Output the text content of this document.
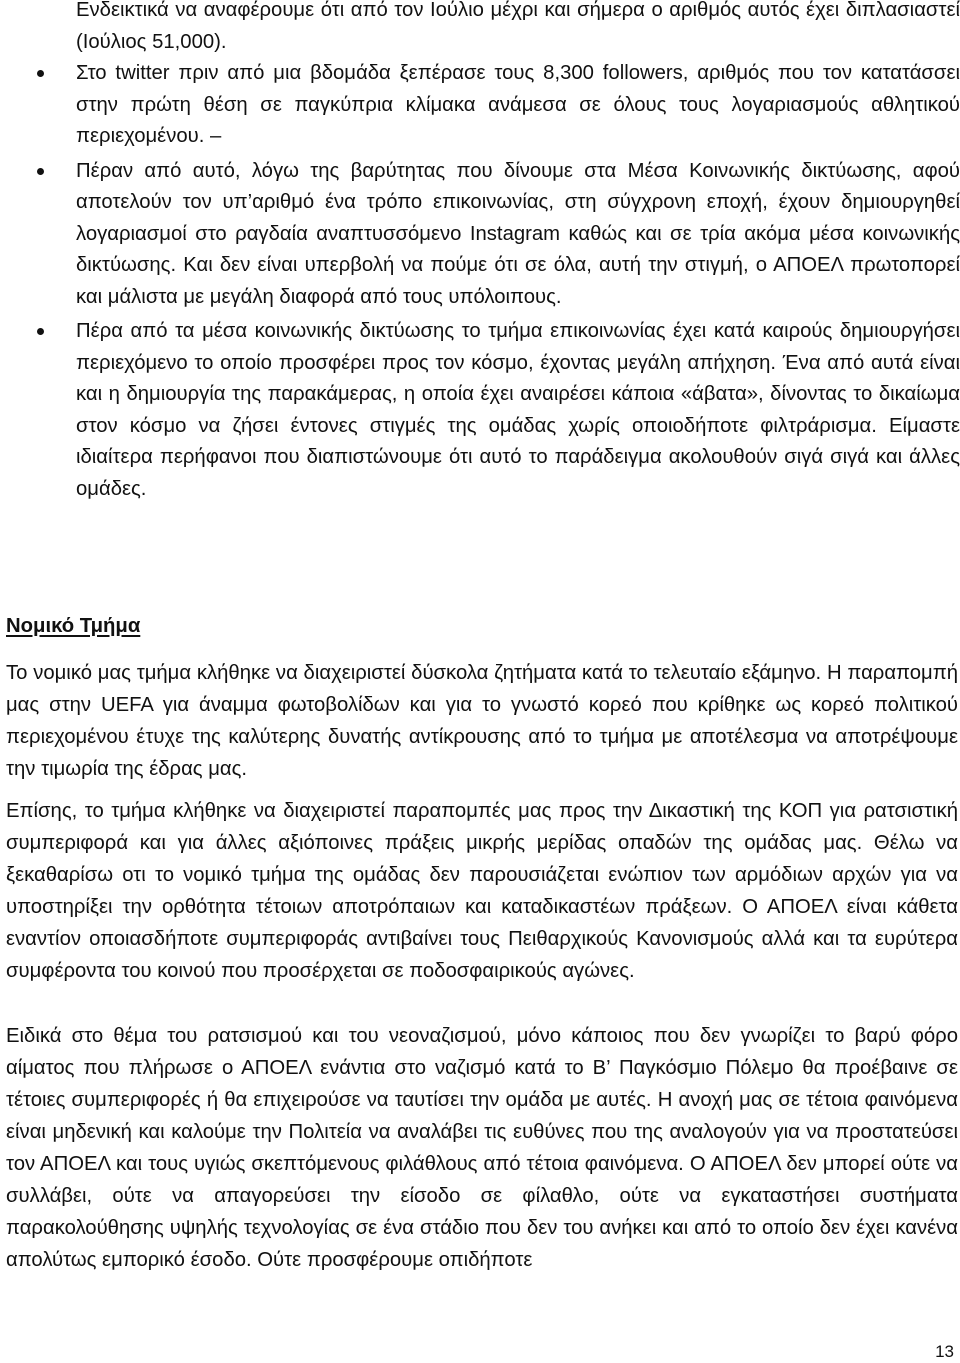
Ενδεικτικά να αναφέρουμε ότι από τον Ιούλιο μέχρι και σήμερα ο αριθμός αυτός έχει διπλασιαστεί (Ιούλιος 51,000).

Στο twitter πριν από μια βδομάδα ξεπέρασε τους 8,300 followers, αριθμός που τον κατατάσσει στην πρώτη θέση σε παγκύπρια κλίμακα ανάμεσα σε όλους τους λογαριασμούς αθλητικού περιεχομένου. –
Πέραν από αυτό, λόγω της βαρύτητας που δίνουμε στα Μέσα Κοινωνικής δικτύωσης, αφού αποτελούν τον υπ’αριθμό ένα τρόπο επικοινωνίας, στη σύγχρονη εποχή, έχουν δημιουργηθεί λογαριασμοί στο ραγδαία αναπτυσσόμενο Instagram καθώς και σε τρία ακόμα μέσα κοινωνικής δικτύωσης. Και δεν είναι υπερβολή να πούμε ότι σε όλα, αυτή την στιγμή, ο ΑΠΟΕΛ πρωτοπορεί και μάλιστα με μεγάλη διαφορά από τους υπόλοιπους.
Πέρα από τα μέσα κοινωνικής δικτύωσης το τμήμα επικοινωνίας έχει κατά καιρούς δημιουργήσει περιεχόμενο το οποίο προσφέρει προς τον κόσμο, έχοντας μεγάλη απήχηση. Ένα από αυτά είναι και η δημιουργία της παρακάμερας, η οποία έχει αναιρέσει κάποια «άβατα», δίνοντας το δικαίωμα στον κόσμο να ζήσει έντονες στιγμές της ομάδας χωρίς οποιοδήποτε φιλτράρισμα. Είμαστε ιδιαίτερα περήφανοι που διαπιστώνουμε ότι αυτό το παράδειγμα ακολουθούν σιγά σιγά και άλλες ομάδες.
Νομικό Τμήμα

Το νομικό μας τμήμα κλήθηκε να διαχειριστεί δύσκολα ζητήματα κατά το τελευταίο εξάμηνο. Η παραπομπή μας στην UEFA για άναμμα φωτοβολίδων και για το γνωστό κορεό που κρίθηκε ως κορεό πολιτικού περιεχομένου έτυχε της καλύτερης δυνατής αντίκρουσης από το τμήμα με αποτέλεσμα να αποτρέψουμε την τιμωρία της έδρας μας.

Επίσης, το τμήμα κλήθηκε να διαχειριστεί παραπομπές μας προς την Δικαστική της ΚΟΠ για ρατσιστική συμπεριφορά και για άλλες αξιόποινες πράξεις μικρής μερίδας οπαδών της ομάδας μας. Θέλω να ξεκαθαρίσω οτι το νομικό τμήμα της ομάδας δεν παρουσιάζεται ενώπιον των αρμόδιων αρχών για να υποστηρίξει την ορθότητα τέτοιων αποτρόπαιων και καταδικαστέων πράξεων. Ο ΑΠΟΕΛ είναι κάθετα εναντίον οποιασδήποτε συμπεριφοράς αντιβαίνει τους Πειθαρχικούς Κανονισμούς αλλά και τα ευρύτερα συμφέροντα του κοινού που προσέρχεται σε ποδοσφαιρικούς αγώνες.

Ειδικά στο θέμα του ρατσισμού και του νεοναζισμού, μόνο κάποιος που δεν γνωρίζει το βαρύ φόρο αίματος που πλήρωσε ο ΑΠΟΕΛ ενάντια στο ναζισμό κατά το Β’ Παγκόσμιο Πόλεμο θα προέβαινε σε τέτοιες συμπεριφορές ή θα επιχειρούσε να ταυτίσει την ομάδα με αυτές. Η ανοχή μας σε τέτοια φαινόμενα είναι μηδενική και καλούμε την Πολιτεία να αναλάβει τις ευθύνες που της αναλογούν για να προστατεύσει τον ΑΠΟΕΛ και τους υγιώς σκεπτόμενους φιλάθλους από τέτοια φαινόμενα. Ο ΑΠΟΕΛ δεν μπορεί ούτε να συλλάβει, ούτε να απαγορεύσει την είσοδο σε φίλαθλο, ούτε να εγκαταστήσει συστήματα παρακολούθησης υψηλής τεχνολογίας σε ένα στάδιο που δεν του ανήκει και από το οποίο δεν έχει κανένα απολύτως εμπορικό έσοδο. Ούτε προσφέρουμε οπιδήποτε

13
